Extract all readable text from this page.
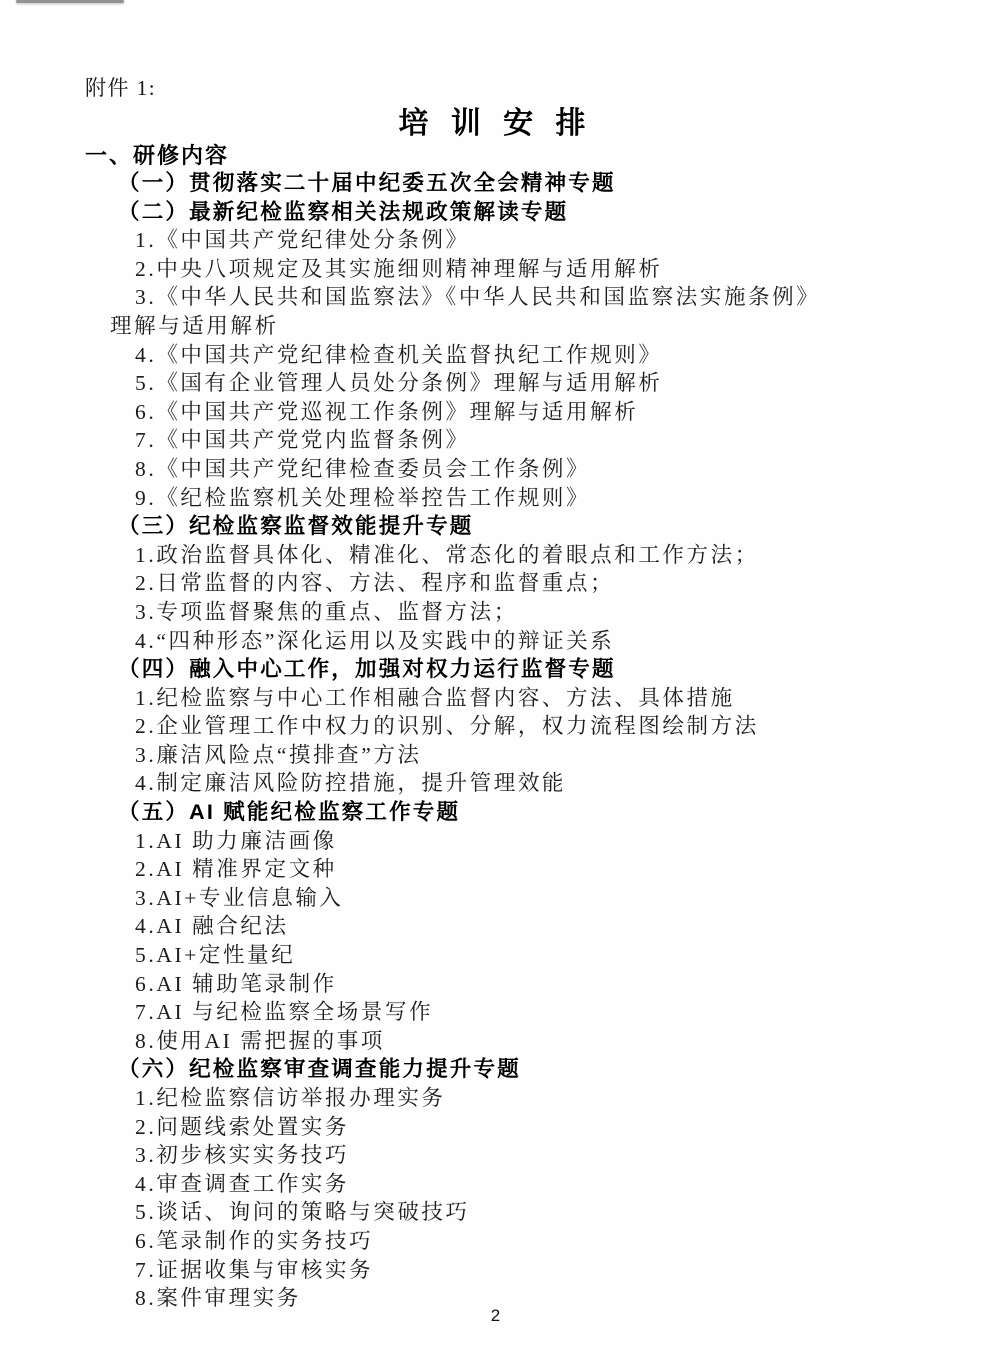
附件 1:
培 训 安 排
一、研修内容
（一）贯彻落实二十届中纪委五次全会精神专题
（二）最新纪检监察相关法规政策解读专题
1.《中国共产党纪律处分条例》
2.中央八项规定及其实施细则精神理解与适用解析
3.《中华人民共和国监察法》《中华人民共和国监察法实施条例》
理解与适用解析
4.《中国共产党纪律检查机关监督执纪工作规则》
5.《国有企业管理人员处分条例》理解与适用解析
6.《中国共产党巡视工作条例》理解与适用解析
7.《中国共产党党内监督条例》
8.《中国共产党纪律检查委员会工作条例》
9.《纪检监察机关处理检举控告工作规则》
（三）纪检监察监督效能提升专题
1.政治监督具体化、精准化、常态化的着眼点和工作方法；
2.日常监督的内容、方法、程序和监督重点；
3.专项监督聚焦的重点、监督方法；
4.“四种形态”深化运用以及实践中的辩证关系
（四）融入中心工作，加强对权力运行监督专题
1.纪检监察与中心工作相融合监督内容、方法、具体措施
2.企业管理工作中权力的识别、分解，权力流程图绘制方法
3.廉洁风险点“摸排查”方法
4.制定廉洁风险防控措施，提升管理效能
（五）AI 赋能纪检监察工作专题
1.AI 助力廉洁画像
2.AI 精准界定文种
3.AI+专业信息输入
4.AI 融合纪法
5.AI+定性量纪
6.AI 辅助笔录制作
7.AI 与纪检监察全场景写作
8.使用AI 需把握的事项
（六）纪检监察审查调查能力提升专题
1.纪检监察信访举报办理实务
2.问题线索处置实务
3.初步核实实务技巧
4.审查调查工作实务
5.谈话、询问的策略与突破技巧
6.笔录制作的实务技巧
7.证据收集与审核实务
8.案件审理实务
2
